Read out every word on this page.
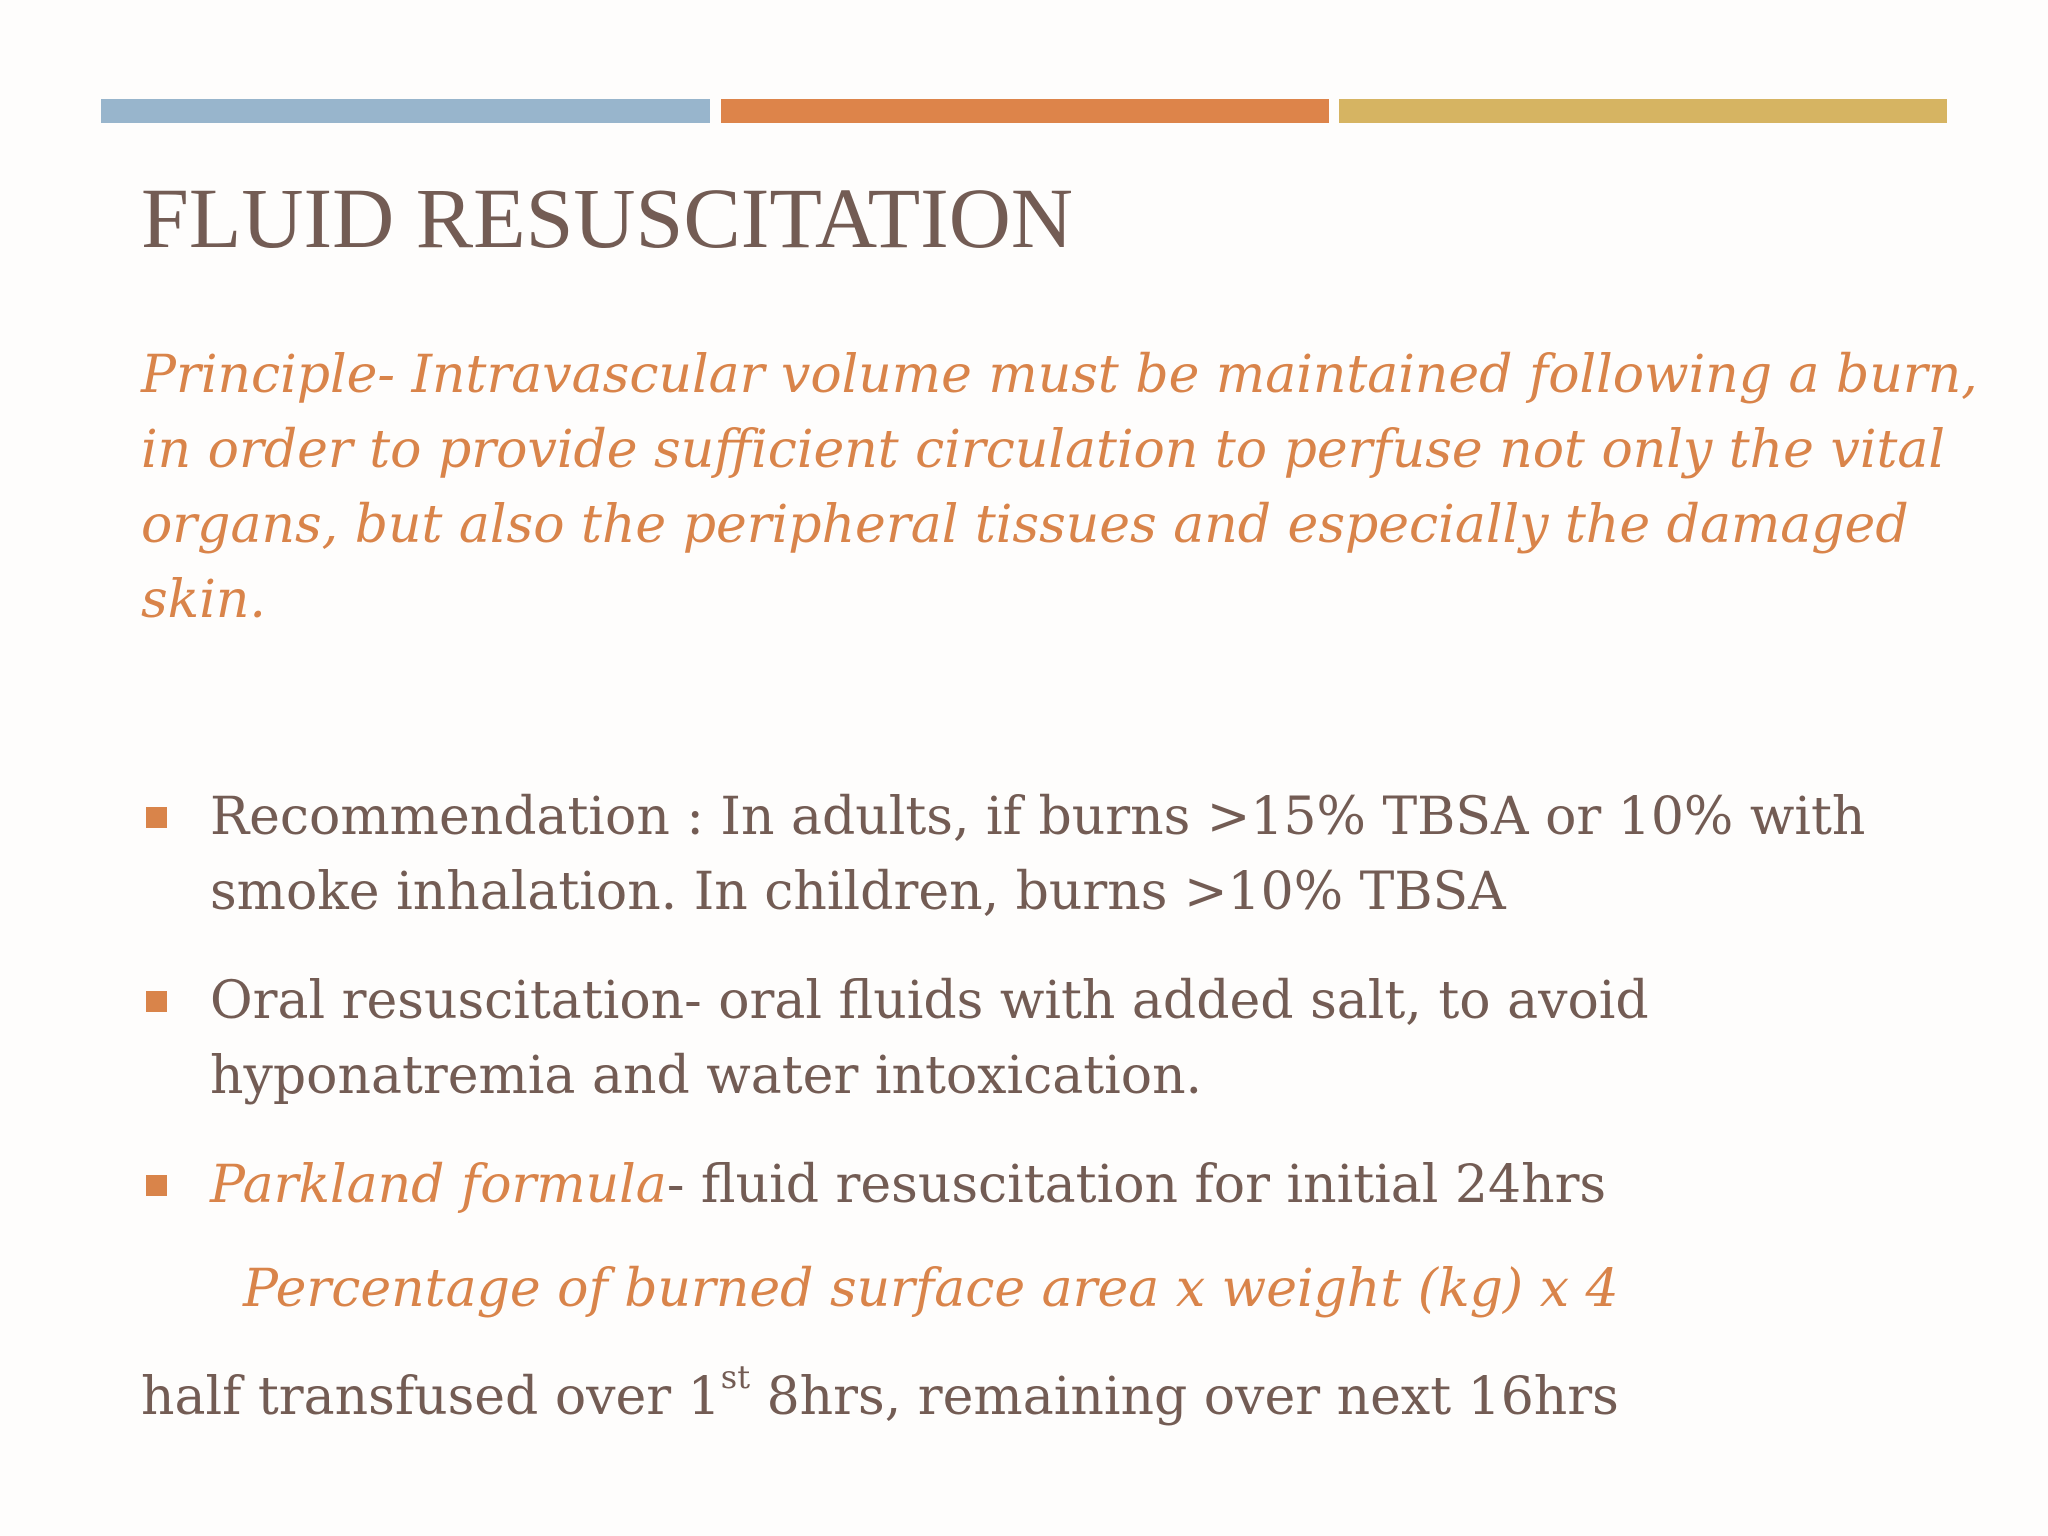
FLUID RESUSCITATION

Principle- Intravascular volume must be maintained following a burn, in order to provide sufficient circulation to perfuse not only the vital organs, but also the peripheral tissues and especially the damaged skin.

Recommendation : In adults, if burns >15% TBSA or 10% with smoke inhalation. In children, burns >10% TBSA
Oral resuscitation- oral fluids with added salt, to avoid hyponatremia and water intoxication.
Parkland formula- fluid resuscitation for initial 24hrs

Percentage of burned surface area x weight (kg) x 4

half transfused over 1st 8hrs, remaining over next 16hrs
